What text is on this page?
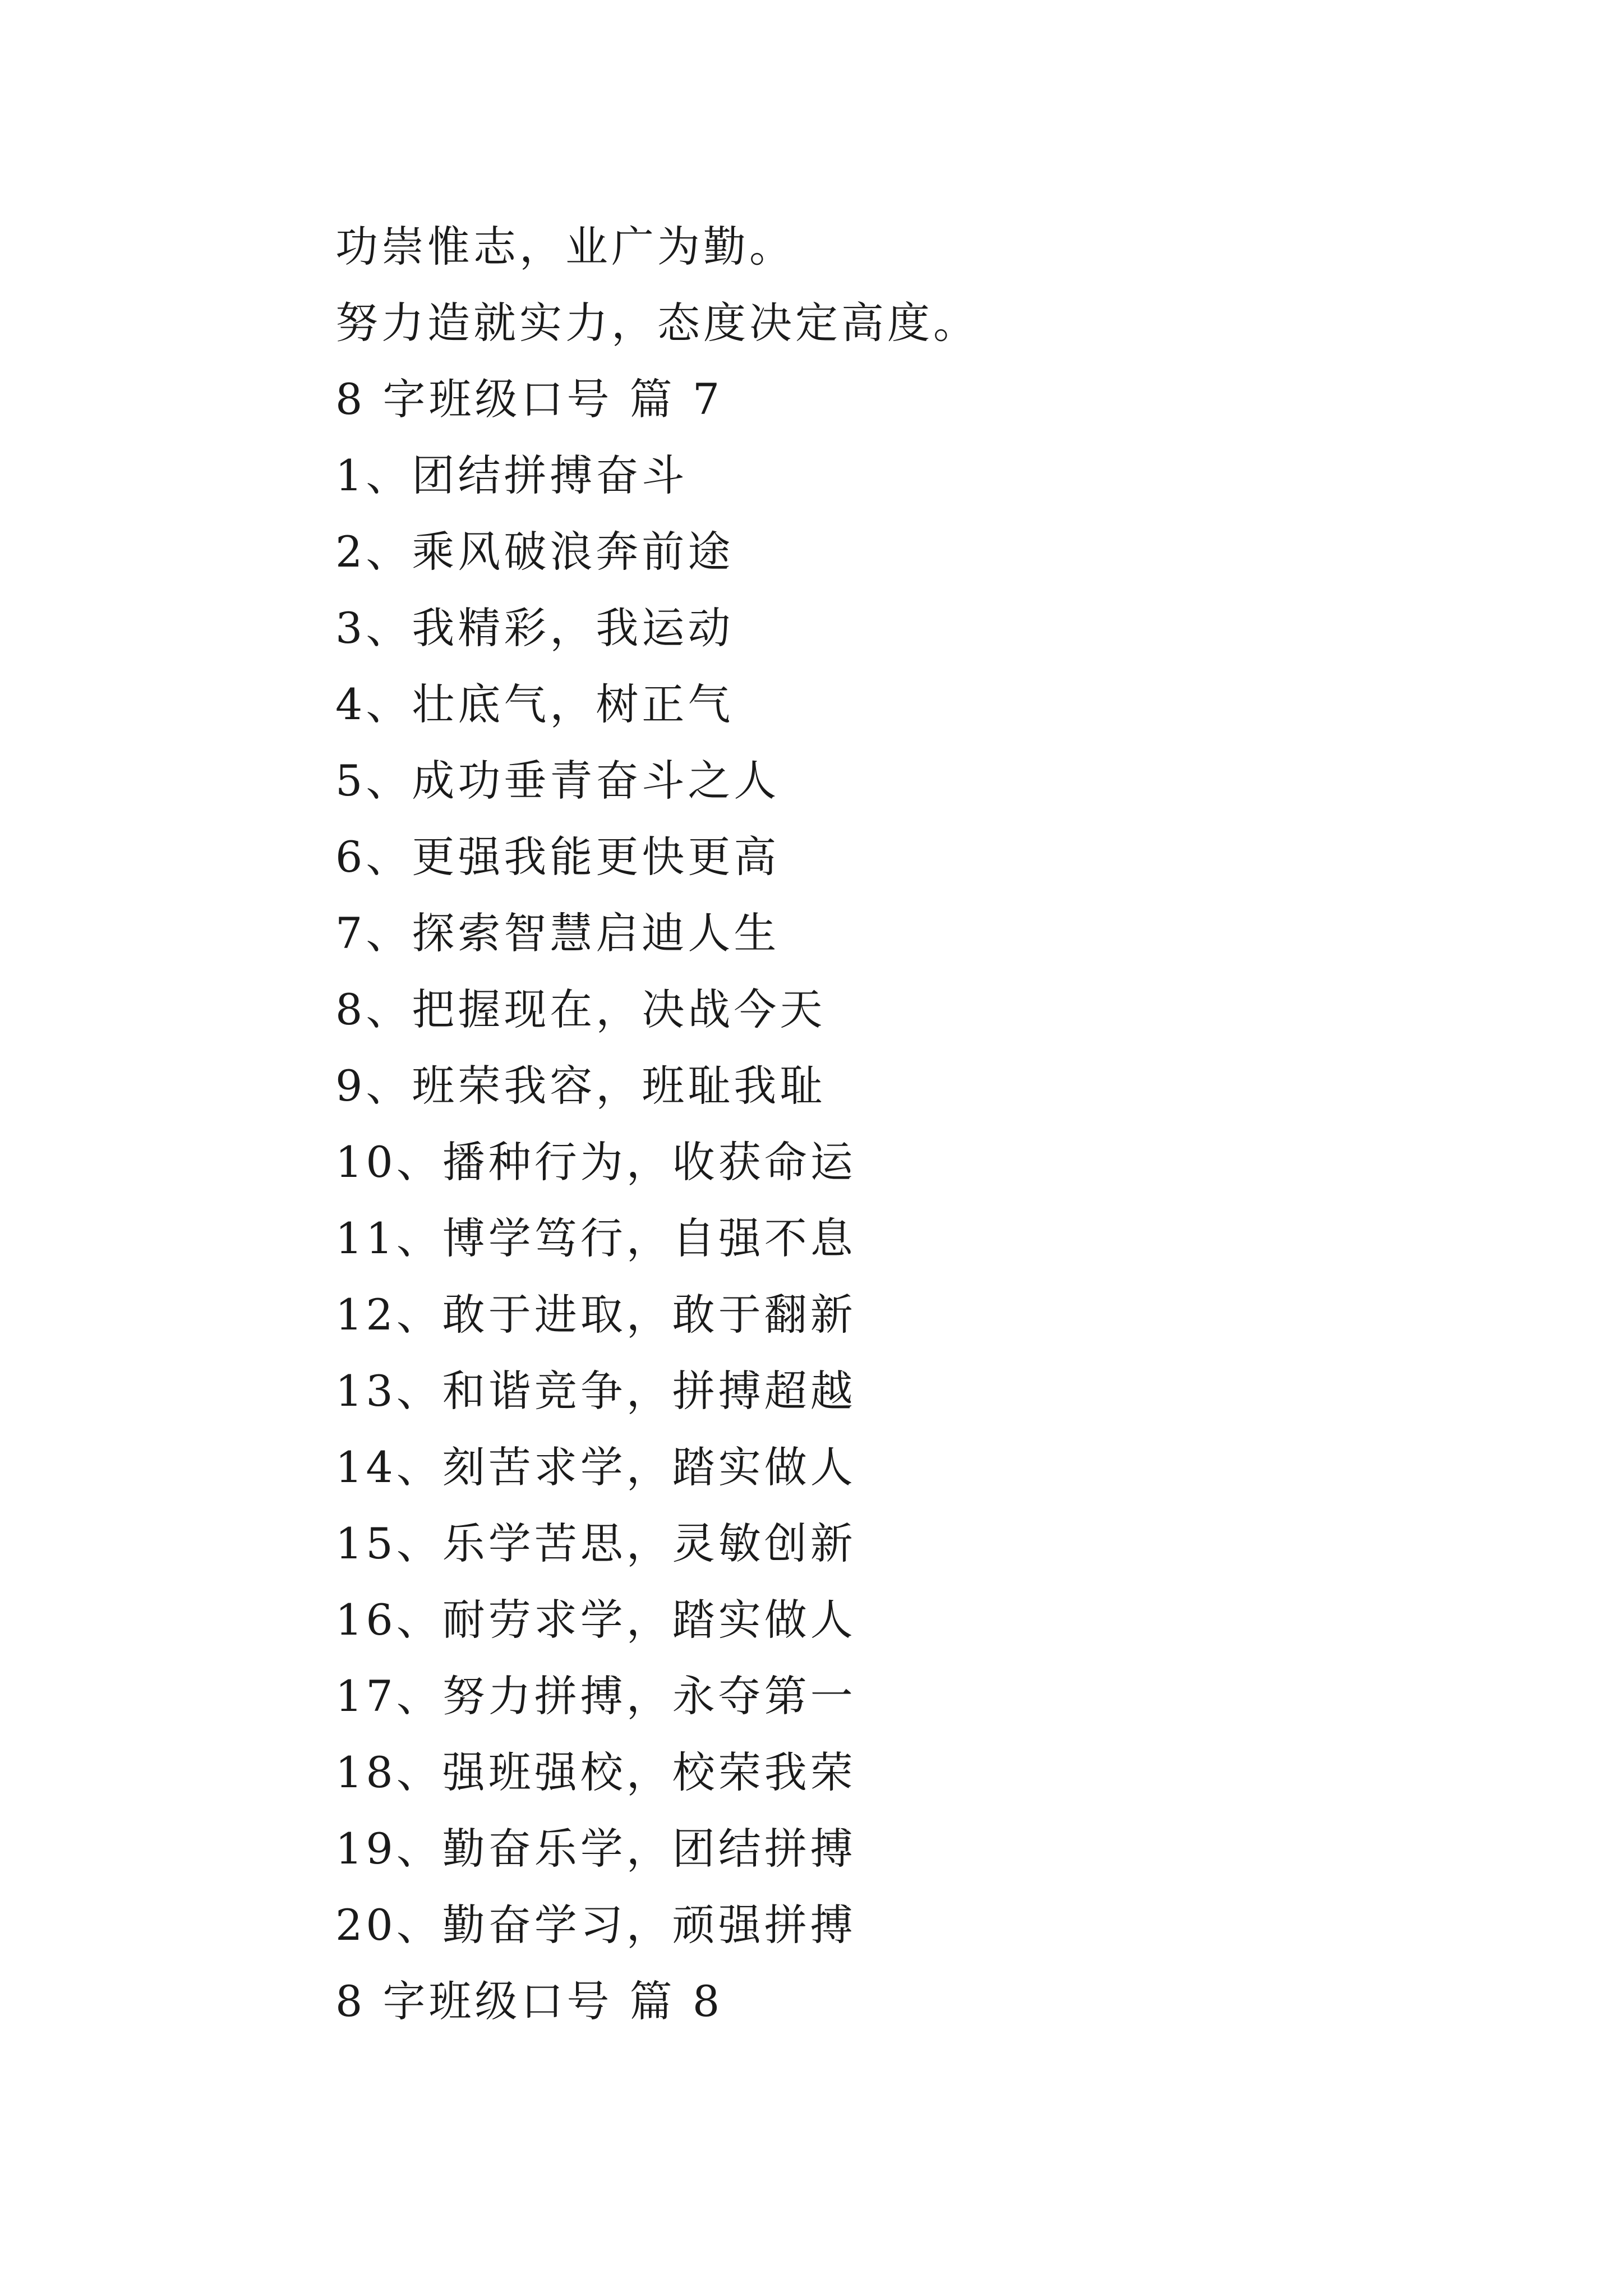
功崇惟志，业广为勤。
努力造就实力，态度决定高度。
8 字班级口号 篇 7
1、团结拼搏奋斗
2、乘风破浪奔前途
3、我精彩，我运动
4、壮底气，树正气
5、成功垂青奋斗之人
6、更强我能更快更高
7、探索智慧启迪人生
8、把握现在，决战今天
9、班荣我容，班耻我耻
10、播种行为，收获命运
11、博学笃行，自强不息
12、敢于进取，敢于翻新
13、和谐竞争，拼搏超越
14、刻苦求学，踏实做人
15、乐学苦思，灵敏创新
16、耐劳求学，踏实做人
17、努力拼搏，永夺第一
18、强班强校，校荣我荣
19、勤奋乐学，团结拼搏
20、勤奋学习，顽强拼搏
8 字班级口号 篇 8
